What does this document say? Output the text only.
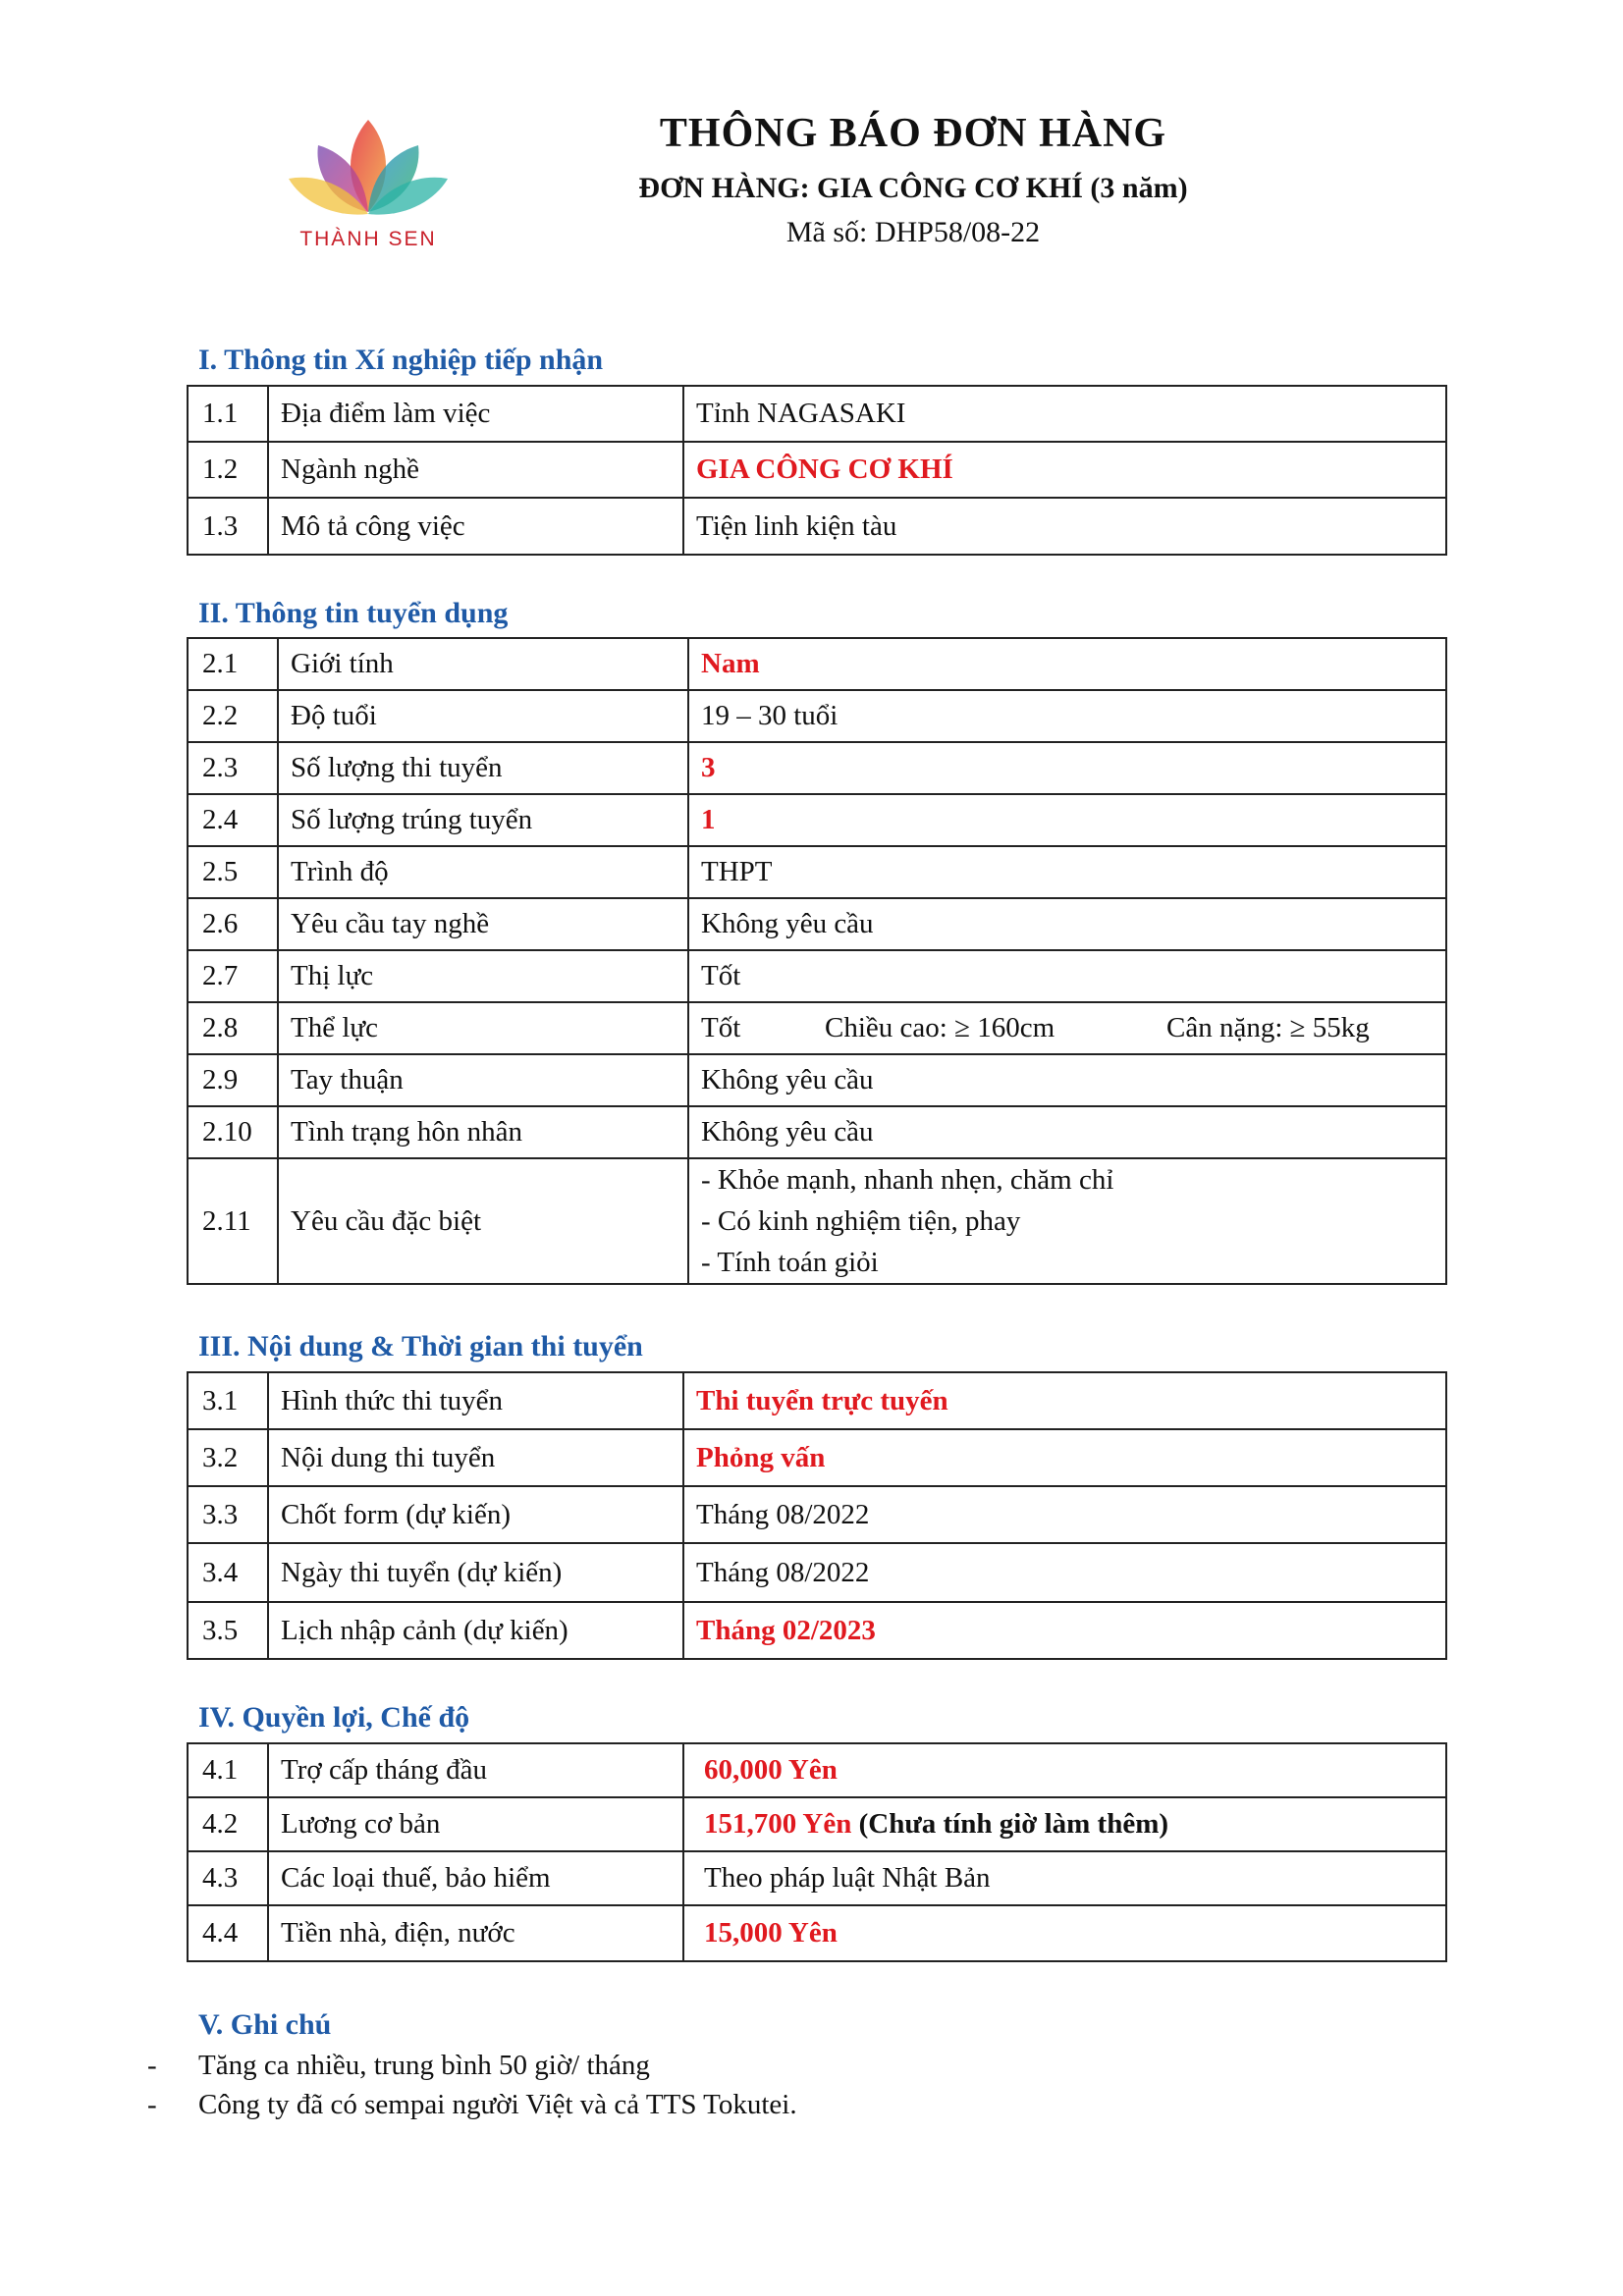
THÀNH SEN
THÔNG BÁO ĐƠN HÀNG
ĐƠN HÀNG: GIA CÔNG CƠ KHÍ (3 năm)
Mã số: DHP58/08-22
I. Thông tin Xí nghiệp tiếp nhận
1.1	Địa điểm làm việc	Tỉnh NAGASAKI
1.2	Ngành nghề	GIA CÔNG CƠ KHÍ
1.3	Mô tả công việc	Tiện linh kiện tàu
II. Thông tin tuyển dụng
2.1	Giới tính	Nam
2.2	Độ tuổi	19 – 30 tuổi
2.3	Số lượng thi tuyển	3
2.4	Số lượng trúng tuyển	1
2.5	Trình độ	THPT
2.6	Yêu cầu tay nghề	Không yêu cầu
2.7	Thị lực	Tốt
2.8	Thể lực	Tốt Chiều cao: ≥ 160cm Cân nặng: ≥ 55kg
2.9	Tay thuận	Không yêu cầu
2.10	Tình trạng hôn nhân	Không yêu cầu
2.11	Yêu cầu đặc biệt	- Khỏe mạnh, nhanh nhẹn, chăm chỉ
- Có kinh nghiệm tiện, phay
- Tính toán giỏi
III. Nội dung & Thời gian thi tuyển
3.1	Hình thức thi tuyển	Thi tuyển trực tuyến
3.2	Nội dung thi tuyển	Phỏng vấn
3.3	Chốt form (dự kiến)	Tháng 08/2022
3.4	Ngày thi tuyển (dự kiến)	Tháng 08/2022
3.5	Lịch nhập cảnh (dự kiến)	Tháng 02/2023
IV. Quyền lợi, Chế độ
4.1	Trợ cấp tháng đầu	60,000 Yên
4.2	Lương cơ bản	151,700 Yên (Chưa tính giờ làm thêm)
4.3	Các loại thuế, bảo hiểm	Theo pháp luật Nhật Bản
4.4	Tiền nhà, điện, nước	15,000 Yên
V. Ghi chú
- Tăng ca nhiều, trung bình 50 giờ/ tháng
- Công ty đã có sempai người Việt và cả TTS Tokutei.
